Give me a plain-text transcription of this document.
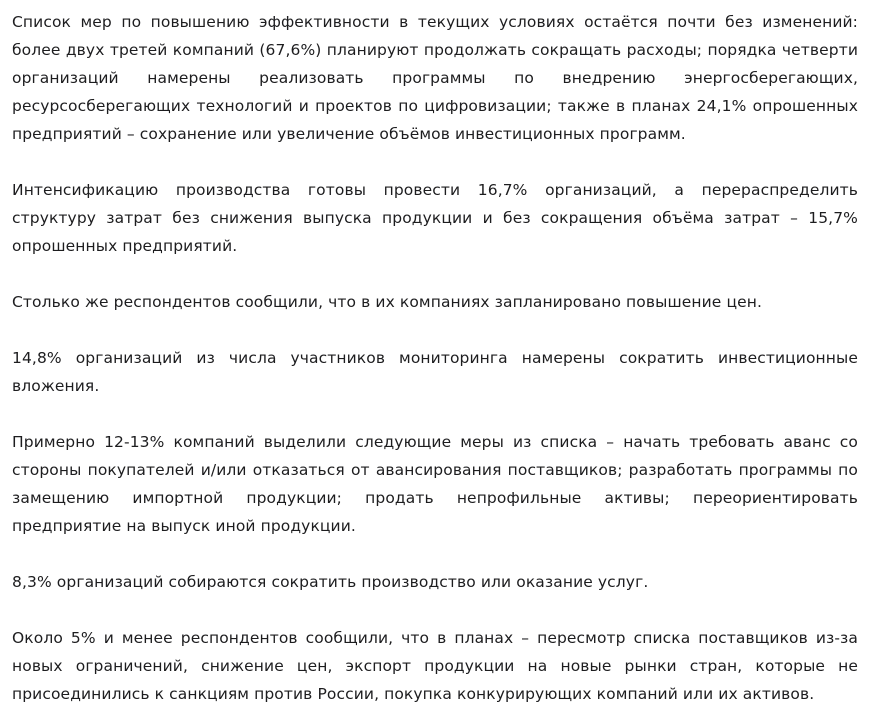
Список мер по повышению эффективности в текущих условиях остаётся почти без изменений: более двух третей компаний (67,6%) планируют продолжать сокращать расходы; порядка четверти организаций намерены реализовать программы по внедрению энергосберегающих, ресурсосберегающих технологий и проектов по цифровизации; также в планах 24,1% опрошенных предприятий – сохранение или увеличение объёмов инвестиционных программ.

Интенсификацию производства готовы провести 16,7% организаций, а перераспределить структуру затрат без снижения выпуска продукции и без сокращения объёма затрат – 15,7% опрошенных предприятий.

Столько же респондентов сообщили, что в их компаниях запланировано повышение цен.

14,8% организаций из числа участников мониторинга намерены сократить инвестиционные вложения.

Примерно 12-13% компаний выделили следующие меры из списка – начать требовать аванс со стороны покупателей и/или отказаться от авансирования поставщиков; разработать программы по замещению импортной продукции; продать непрофильные активы; переориентировать предприятие на выпуск иной продукции.

8,3% организаций собираются сократить производство или оказание услуг.

Около 5% и менее респондентов сообщили, что в планах – пересмотр списка поставщиков из-за новых ограничений, снижение цен, экспорт продукции на новые рынки стран, которые не присоединились к санкциям против России, покупка конкурирующих компаний или их активов.
